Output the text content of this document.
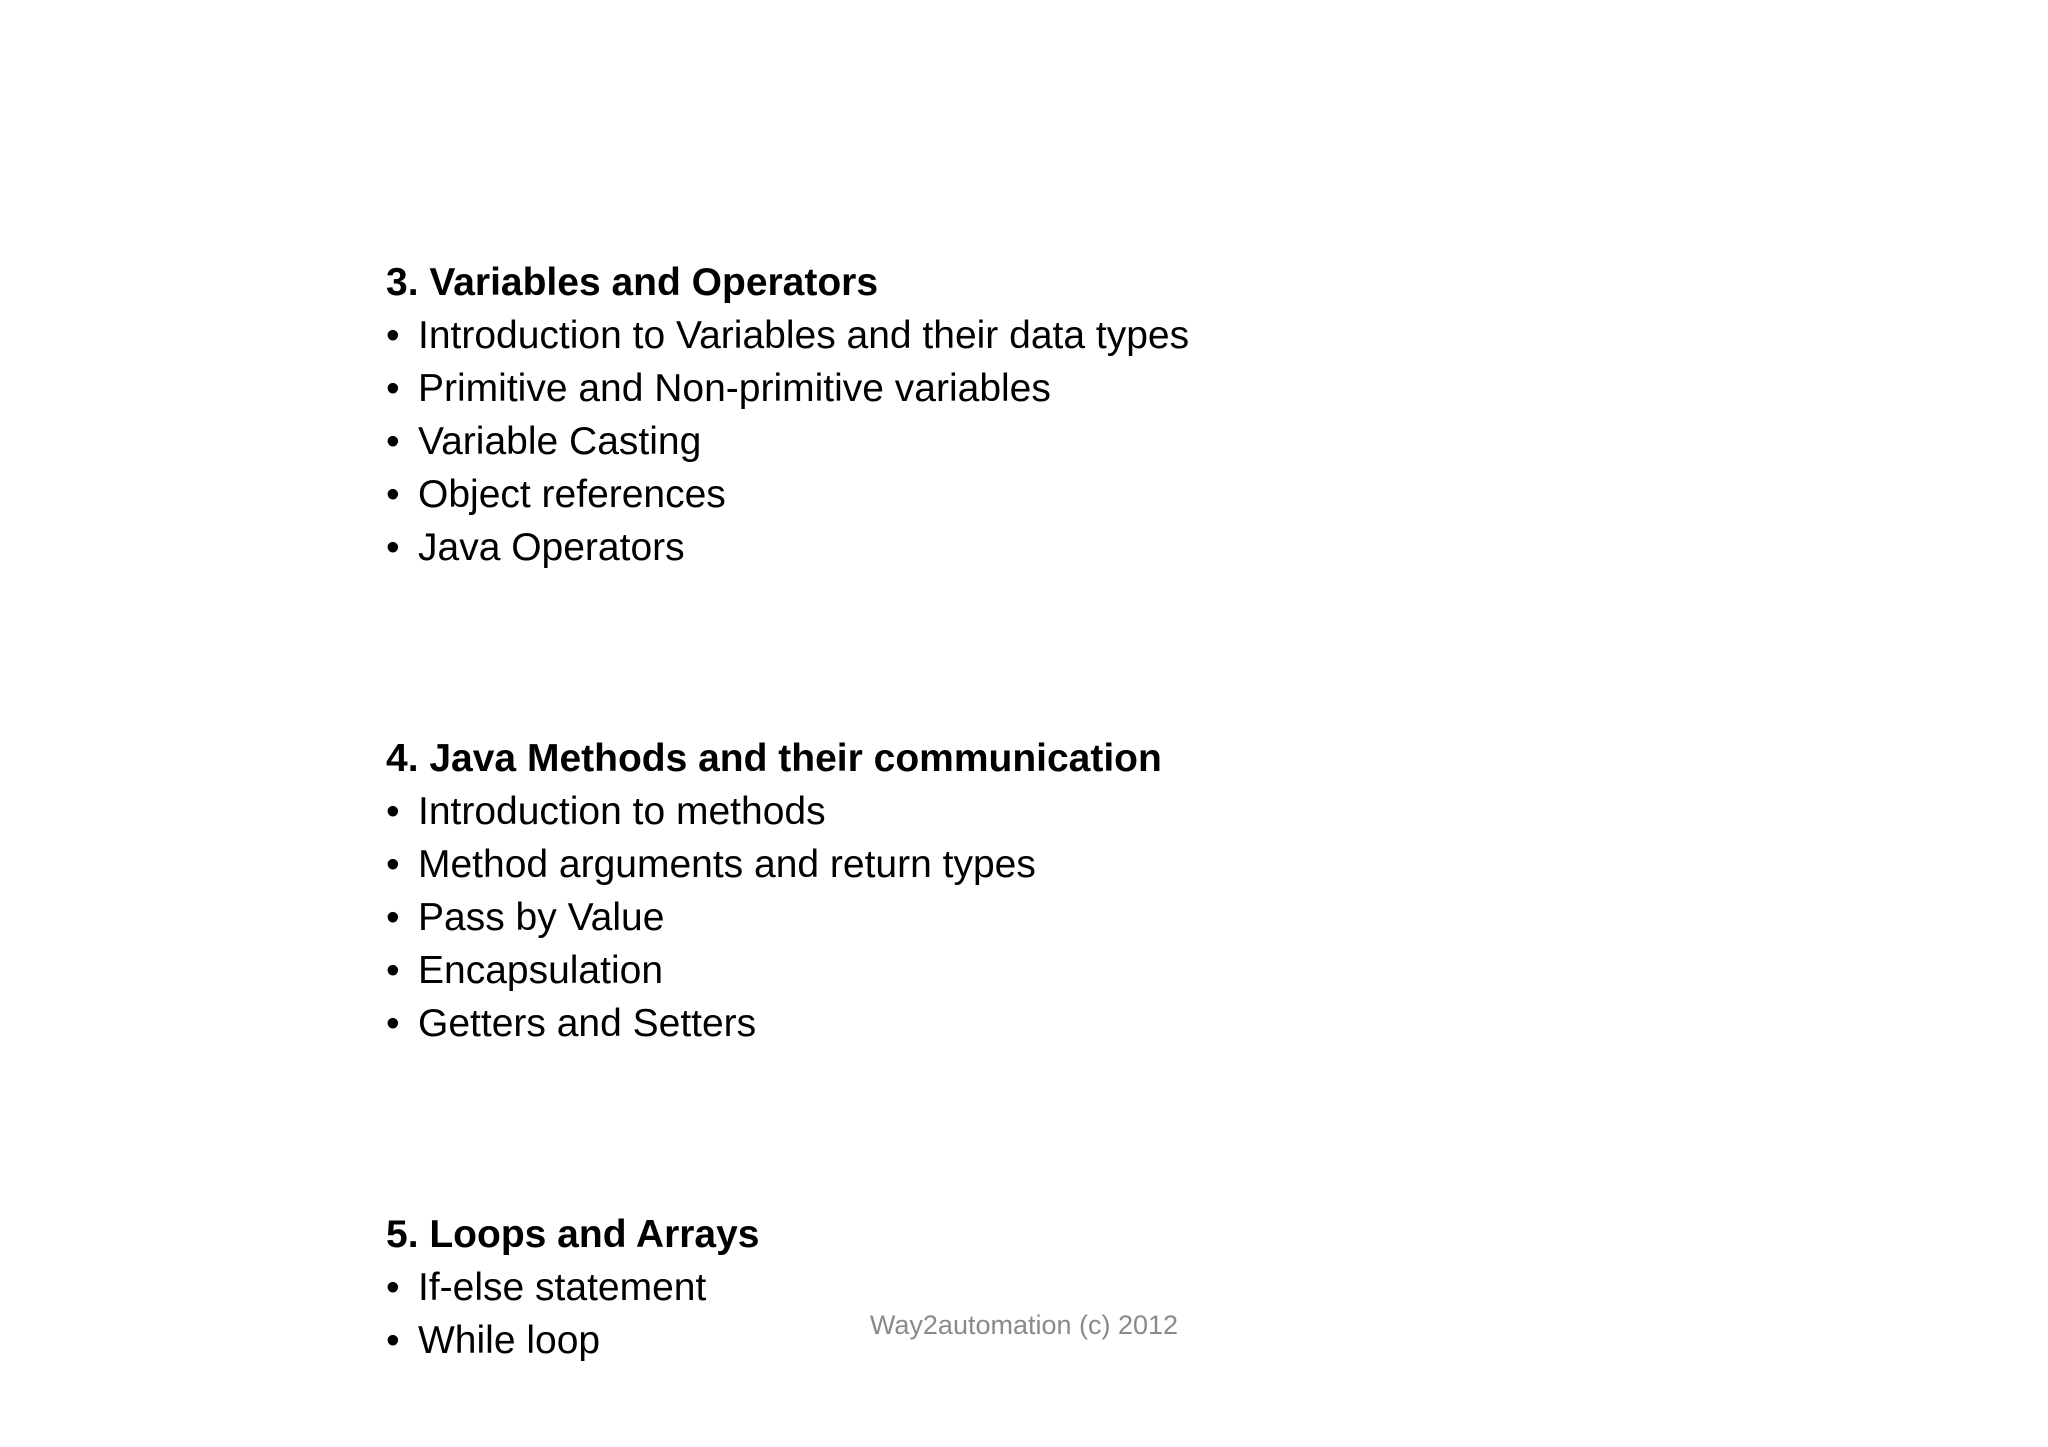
3. Variables and Operators
• Introduction to Variables and their data types
• Primitive and Non-primitive variables
• Variable Casting
• Object references
• Java Operators
4. Java Methods and their communication
• Introduction to methods
• Method arguments and return types
• Pass by Value
• Encapsulation
• Getters and Setters
5. Loops and Arrays
• If-else statement
• While loop	Way2automation (c) 2012
